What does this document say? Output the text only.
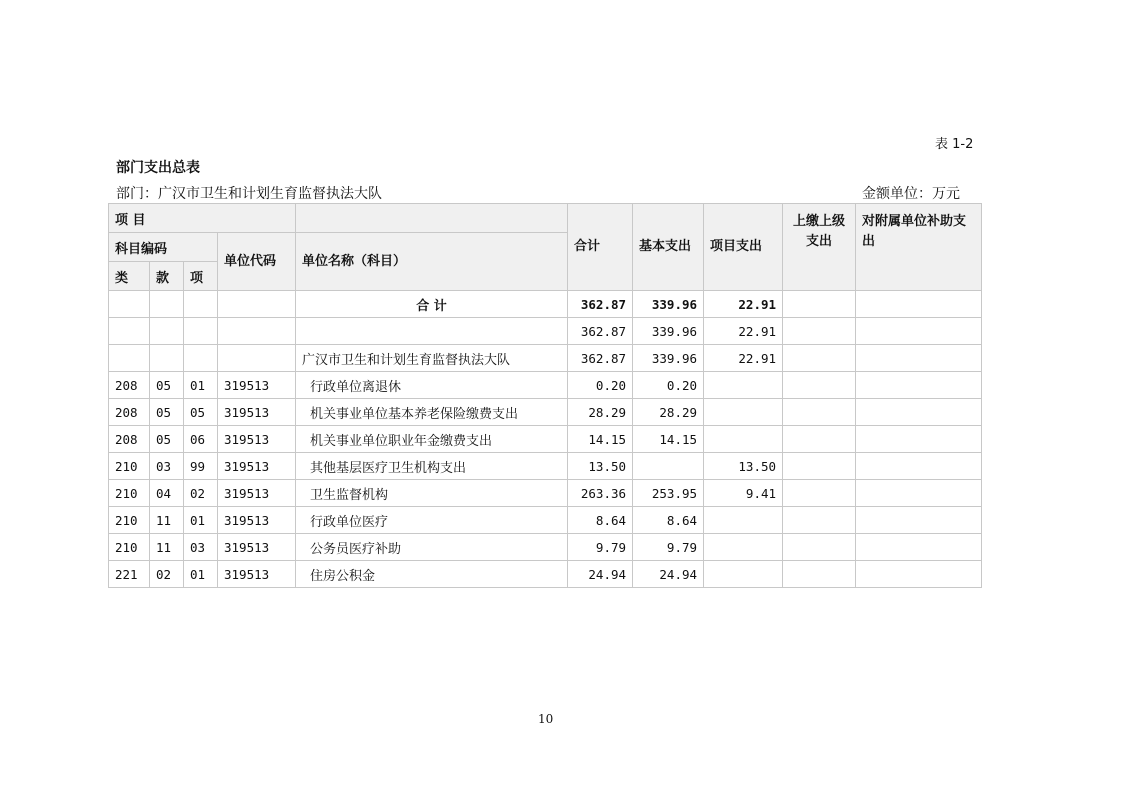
表 1-2
部门支出总表
部门：广汉市卫生和计划生育监督执法大队	金额单位：万元
项 目					合计	基本支出	项目支出	上缴上级支出	对附属单位补助支出
科目编码			单位代码	单位名称（科目）					
类	款	项							
				合 计	362.87	339.96	22.91		
					362.87	339.96	22.91		
				广汉市卫生和计划生育监督执法大队	362.87	339.96	22.91		
208	05	01	319513	行政单位离退休	0.20	0.20			
208	05	05	319513	机关事业单位基本养老保险缴费支出	28.29	28.29			
208	05	06	319513	机关事业单位职业年金缴费支出	14.15	14.15			
210	03	99	319513	其他基层医疗卫生机构支出	13.50		13.50		
210	04	02	319513	卫生监督机构	263.36	253.95	9.41		
210	11	01	319513	行政单位医疗	8.64	8.64			
210	11	03	319513	公务员医疗补助	9.79	9.79			
221	02	01	319513	住房公积金	24.94	24.94			
10
